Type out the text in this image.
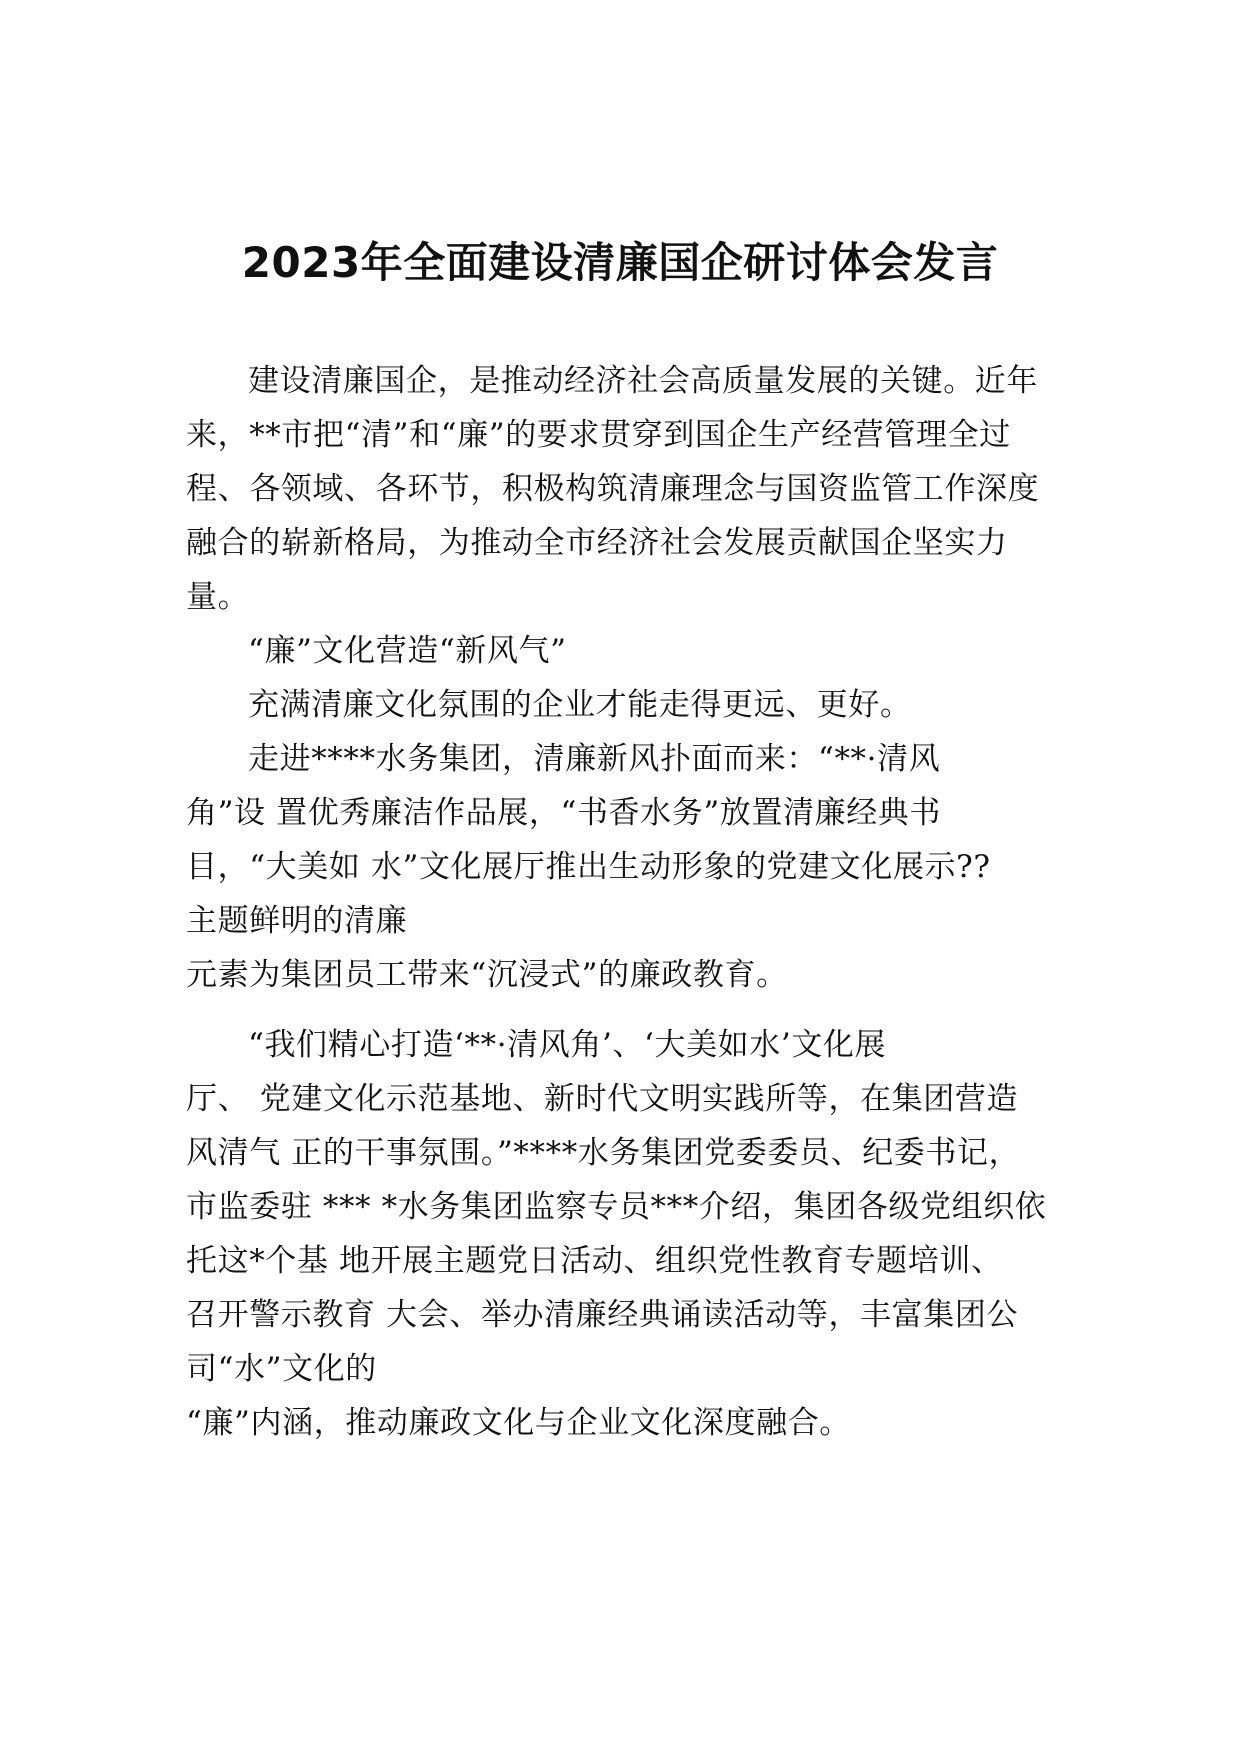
2023年全面建设清廉国企研讨体会发言

建设清廉国企，是推动经济社会高质量发展的关键。近年来，**市把“清”和“廉”的要求贯穿到国企生产经营管理全过程、各领域、各环节，积极构筑清廉理念与国资监管工作深度融合的崭新格局，为推动全市经济社会发展贡献国企坚实力量。

“廉”文化营造“新风气”

充满清廉文化氛围的企业才能走得更远、更好。

走进****水务集团，清廉新风扑面而来：“**·清风
角”设 置优秀廉洁作品展，“书香水务”放置清廉经典书
目，“大美如 水”文化展厅推出生动形象的党建文化展示??
主题鲜明的清廉
元素为集团员工带来“沉浸式”的廉政教育。
“我们精心打造‘**·清风角’、‘大美如水’文化展
厅、 党建文化示范基地、新时代文明实践所等，在集团营造
风清气 正的干事氛围。”****水务集团党委委员、纪委书记，
市监委驻 *** *水务集团监察专员***介绍，集团各级党组织依
托这*个基 地开展主题党日活动、组织党性教育专题培训、
召开警示教育 大会、举办清廉经典诵读活动等，丰富集团公
司“水”文化的
“廉”内涵，推动廉政文化与企业文化深度融合。
